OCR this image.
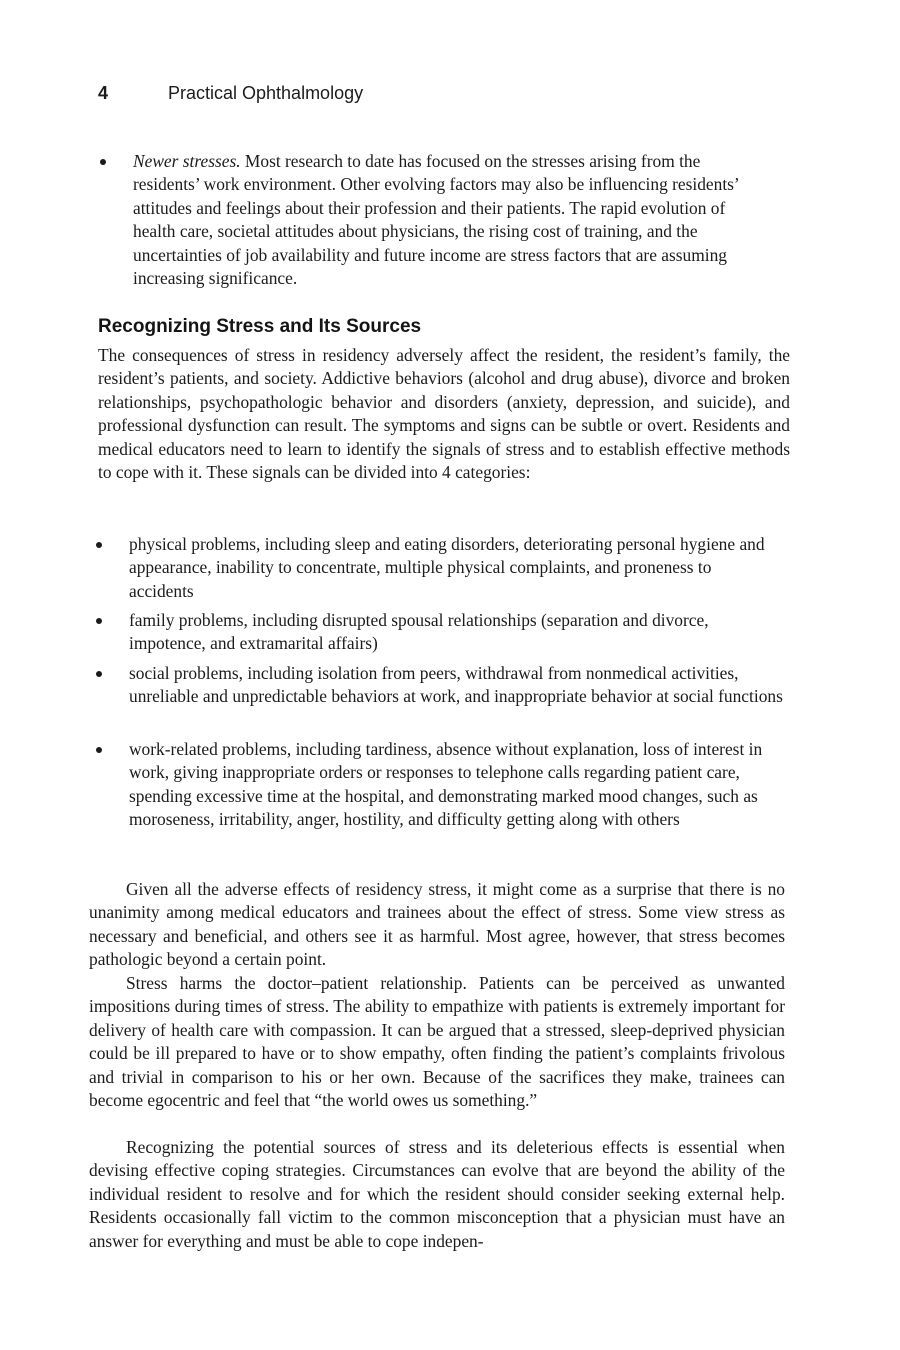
4	Practical Ophthalmology

Newer stresses. Most research to date has focused on the stresses arising from the residents’ work environment. Other evolving factors may also be influencing residents’ attitudes and feelings about their profession and their patients. The rapid evolution of health care, societal attitudes about physicians, the rising cost of training, and the uncertainties of job availability and future income are stress factors that are assuming increasing significance.

Recognizing Stress and Its Sources

The consequences of stress in residency adversely affect the resident, the resident’s family, the resident’s patients, and society. Addictive behaviors (alcohol and drug abuse), divorce and broken relationships, psychopathologic behavior and disorders (anxiety, depression, and suicide), and professional dysfunction can result. The symptoms and signs can be subtle or overt. Residents and medical educators need to learn to identify the signals of stress and to establish effective methods to cope with it. These signals can be divided into 4 categories:

physical problems, including sleep and eating disorders, deteriorating personal hygiene and appearance, inability to concentrate, multiple physical complaints, and proneness to accidents

family problems, including disrupted spousal relationships (separation and divorce, impotence, and extramarital affairs)

social problems, including isolation from peers, withdrawal from nonmedical activities, unreliable and unpredictable behaviors at work, and inappropriate behavior at social functions

work-related problems, including tardiness, absence without explanation, loss of interest in work, giving inappropriate orders or responses to telephone calls regarding patient care, spending excessive time at the hospital, and demonstrating marked mood changes, such as moroseness, irritability, anger, hostility, and difficulty getting along with others

Given all the adverse effects of residency stress, it might come as a surprise that there is no unanimity among medical educators and trainees about the effect of stress. Some view stress as necessary and beneficial, and others see it as harmful. Most agree, however, that stress becomes pathologic beyond a certain point.

Stress harms the doctor–patient relationship. Patients can be perceived as unwanted impositions during times of stress. The ability to empathize with patients is extremely important for delivery of health care with compassion. It can be argued that a stressed, sleep-deprived physician could be ill prepared to have or to show empathy, often finding the patient’s complaints frivolous and trivial in comparison to his or her own. Because of the sacrifices they make, trainees can become egocentric and feel that “the world owes us something.”

Recognizing the potential sources of stress and its deleterious effects is essential when devising effective coping strategies. Circumstances can evolve that are beyond the ability of the individual resident to resolve and for which the resident should consider seeking external help. Residents occasionally fall victim to the common misconception that a physician must have an answer for everything and must be able to cope indepen-
